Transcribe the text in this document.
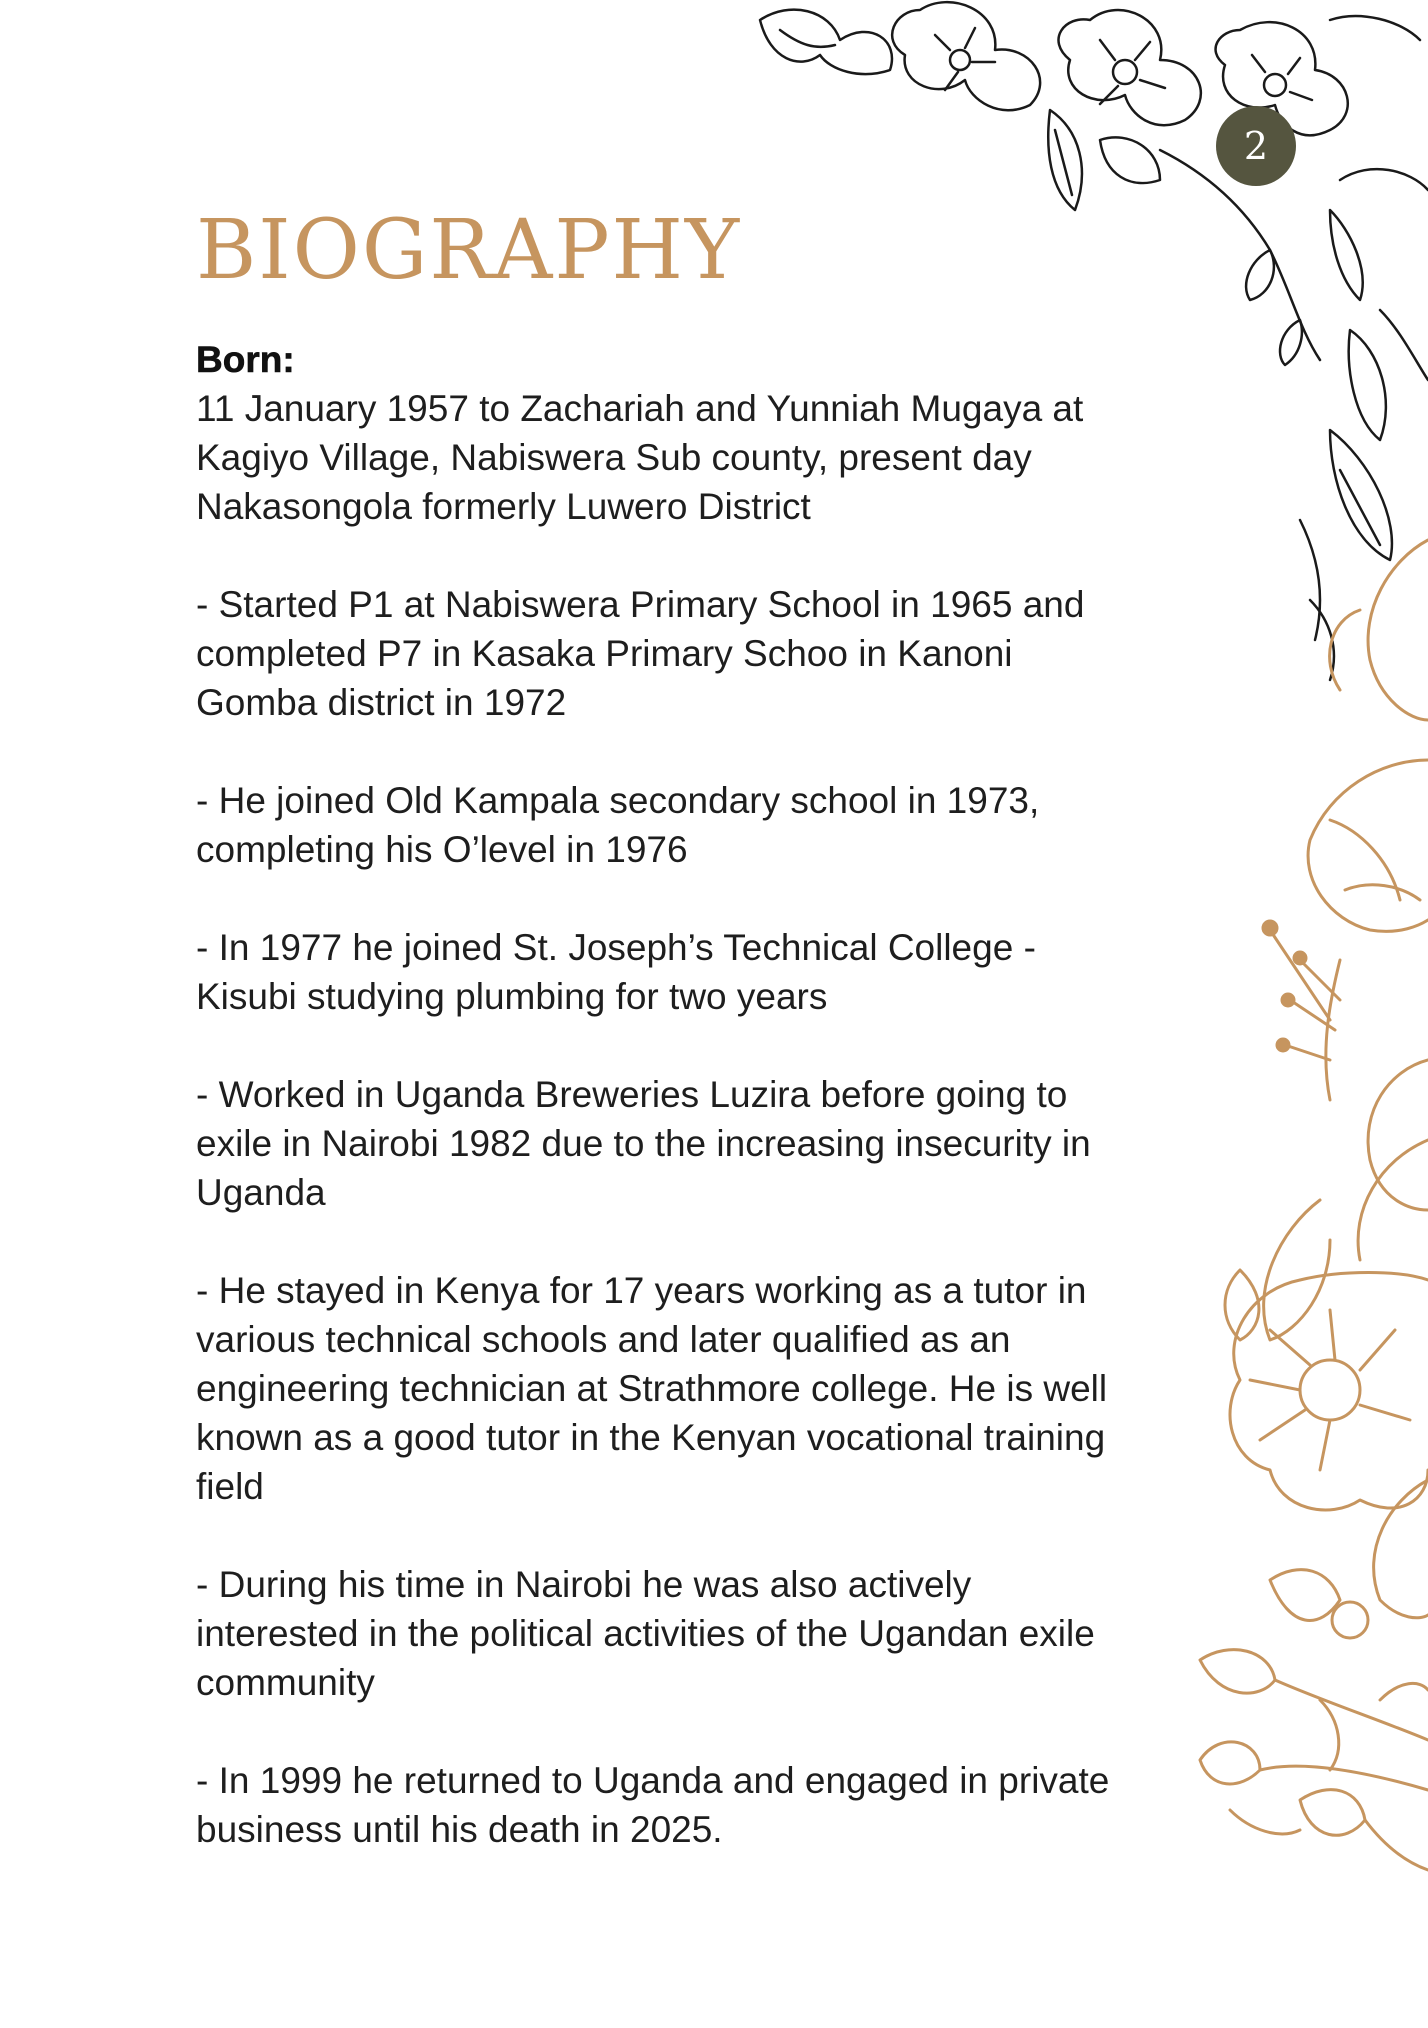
2
BIOGRAPHY
Born:

11 January 1957 to Zachariah and Yunniah Mugaya at
Kagiyo Village, Nabiswera Sub county, present day
Nakasongola formerly Luwero District

- Started P1 at Nabiswera Primary School in 1965 and
completed P7 in Kasaka Primary Schoo in Kanoni
Gomba district in 1972

- He joined Old Kampala secondary school in 1973,
completing his O’level in 1976

- In 1977 he joined St. Joseph’s Technical College -
Kisubi studying plumbing for two years

- Worked in Uganda Breweries Luzira before going to
exile in Nairobi 1982 due to the increasing insecurity in
Uganda

- He stayed in Kenya for 17 years working as a tutor in
various technical schools and later qualified as an
engineering technician at Strathmore college. He is well
known as a good tutor in the Kenyan vocational training
field

- During his time in Nairobi he was also actively
interested in the political activities of the Ugandan exile
community

- In 1999 he returned to Uganda and engaged in private
business until his death in 2025.
